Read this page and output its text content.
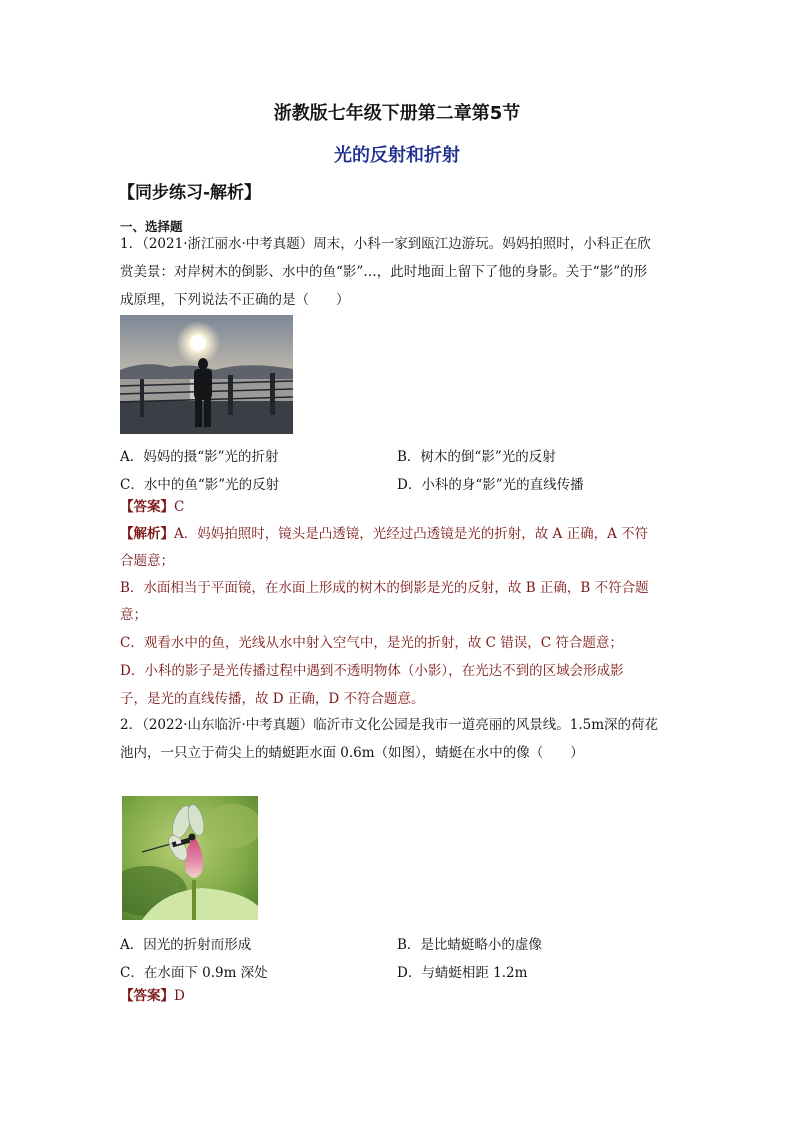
浙教版七年级下册第二章第5节
光的反射和折射
【同步练习-解析】
一、选择题
1．（2021·浙江丽水·中考真题）周末，小科一家到瓯江边游玩。妈妈拍照时，小科正在欣
赏美景：对岸树木的倒影、水中的鱼“影”…，此时地面上留下了他的身影。关于“影”的形
成原理，下列说法不正确的是（　　）
A．妈妈的摄“影”光的折射	B．树木的倒“影”光的反射
C．水中的鱼“影”光的反射	D．小科的身“影”光的直线传播
【答案】C
【解析】A．妈妈拍照时，镜头是凸透镜，光经过凸透镜是光的折射，故 A 正确，A 不符
合题意；
B．水面相当于平面镜，在水面上形成的树木的倒影是光的反射，故 B 正确，B 不符合题
意；
C．观看水中的鱼，光线从水中射入空气中，是光的折射，故 C 错误，C 符合题意；
D．小科的影子是光传播过程中遇到不透明物体（小影），在光达不到的区域会形成影
子，是光的直线传播，故 D 正确，D 不符合题意。
2．（2022·山东临沂·中考真题）临沂市文化公园是我市一道亮丽的风景线。1.5m深的荷花
池内，一只立于荷尖上的蜻蜓距水面 0.6m（如图），蜻蜓在水中的像（　　）
A．因光的折射而形成	B．是比蜻蜓略小的虚像
C．在水面下 0.9m 深处	D．与蜻蜓相距 1.2m
【答案】D
